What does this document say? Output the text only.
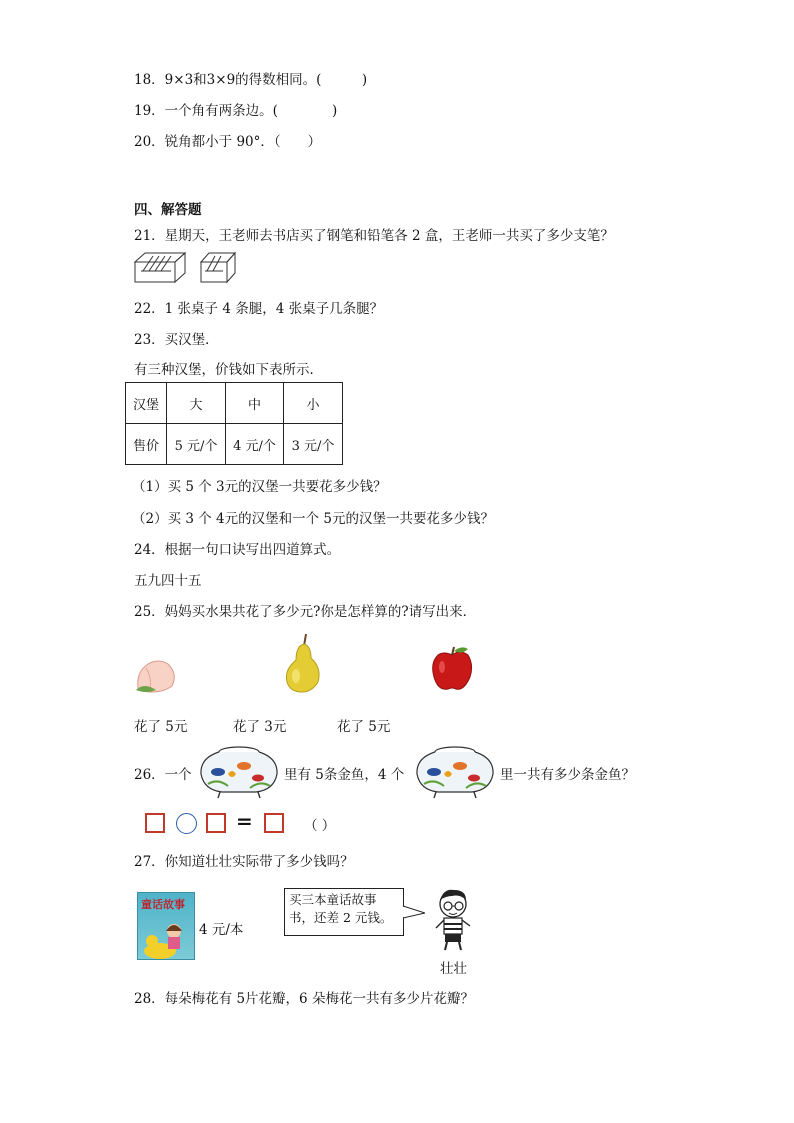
18．9×3和3×9的得数相同。(　　　)
19．一个角有两条边。(　　　　)
20．锐角都小于 90°．（　　）
四、解答题
21．星期天，王老师去书店买了钢笔和铅笔各 2 盒，王老师一共买了多少支笔？
22．1 张桌子 4 条腿，4 张桌子几条腿？
23．买汉堡．
有三种汉堡，价钱如下表所示．
汉堡	大	中	小
售价	5 元/个	4 元/个	3 元/个
（1）买 5 个 3元的汉堡一共要花多少钱？
（2）买 3 个 4元的汉堡和一个 5元的汉堡一共要花多少钱？
24．根据一句口诀写出四道算式。
五九四十五
25．妈妈买水果共花了多少元?你是怎样算的?请写出来．
花了 5元	花了 3元	花了 5元
26．一个	里有 5条金鱼，4 个	里一共有多少条金鱼？
=	（ ）
27．你知道壮壮实际带了多少钱吗？
童话故事
4 元/本
买三本童话故事书，还差 2 元钱。
壮壮
28．每朵梅花有 5片花瓣，6 朵梅花一共有多少片花瓣？
